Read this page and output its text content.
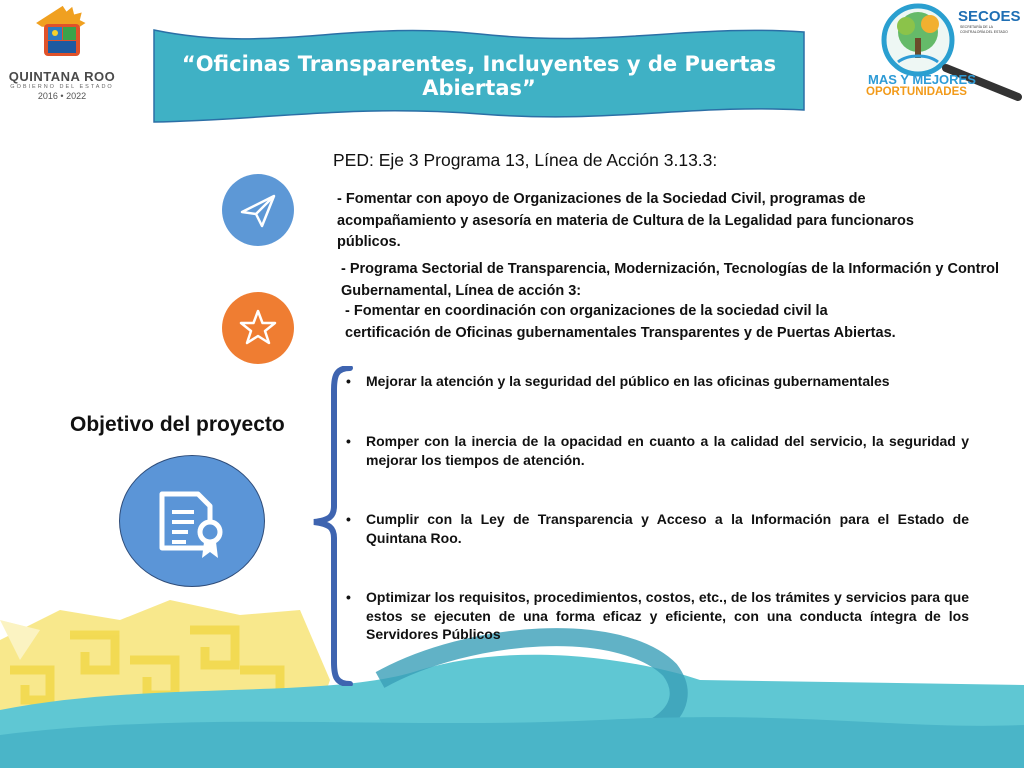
QUINTANA ROO
GOBIERNO DEL ESTADO
2016 • 2022
“Oficinas Transparentes, Incluyentes y de Puertas Abiertas”
SECOES
SECRETARÍA DE LA CONTRALORÍA DEL ESTADO
MAS Y MEJORES
OPORTUNIDADES
PED: Eje 3 Programa 13, Línea de Acción 3.13.3:
- Fomentar con apoyo de Organizaciones de la Sociedad Civil, programas de acompañamiento y asesoría en materia de Cultura de la Legalidad para funcionaros públicos.
- Programa Sectorial de Transparencia, Modernización, Tecnologías de la Información y Control Gubernamental, Línea de acción 3:
- Fomentar en coordinación con organizaciones de la sociedad civil la certificación de Oficinas gubernamentales Transparentes y de Puertas Abiertas.
Objetivo del proyecto
• Mejorar la atención y la seguridad del público en las oficinas gubernamentales
• Romper con la inercia de la opacidad en cuanto a la calidad del servicio, la seguridad y mejorar los tiempos de atención.
• Cumplir con la Ley de Transparencia y Acceso a la Información para el Estado de Quintana Roo.
• Optimizar los requisitos, procedimientos, costos, etc., de los trámites y servicios para que estos se ejecuten de una forma eficaz y eficiente, con una conducta íntegra de los Servidores Públicos
